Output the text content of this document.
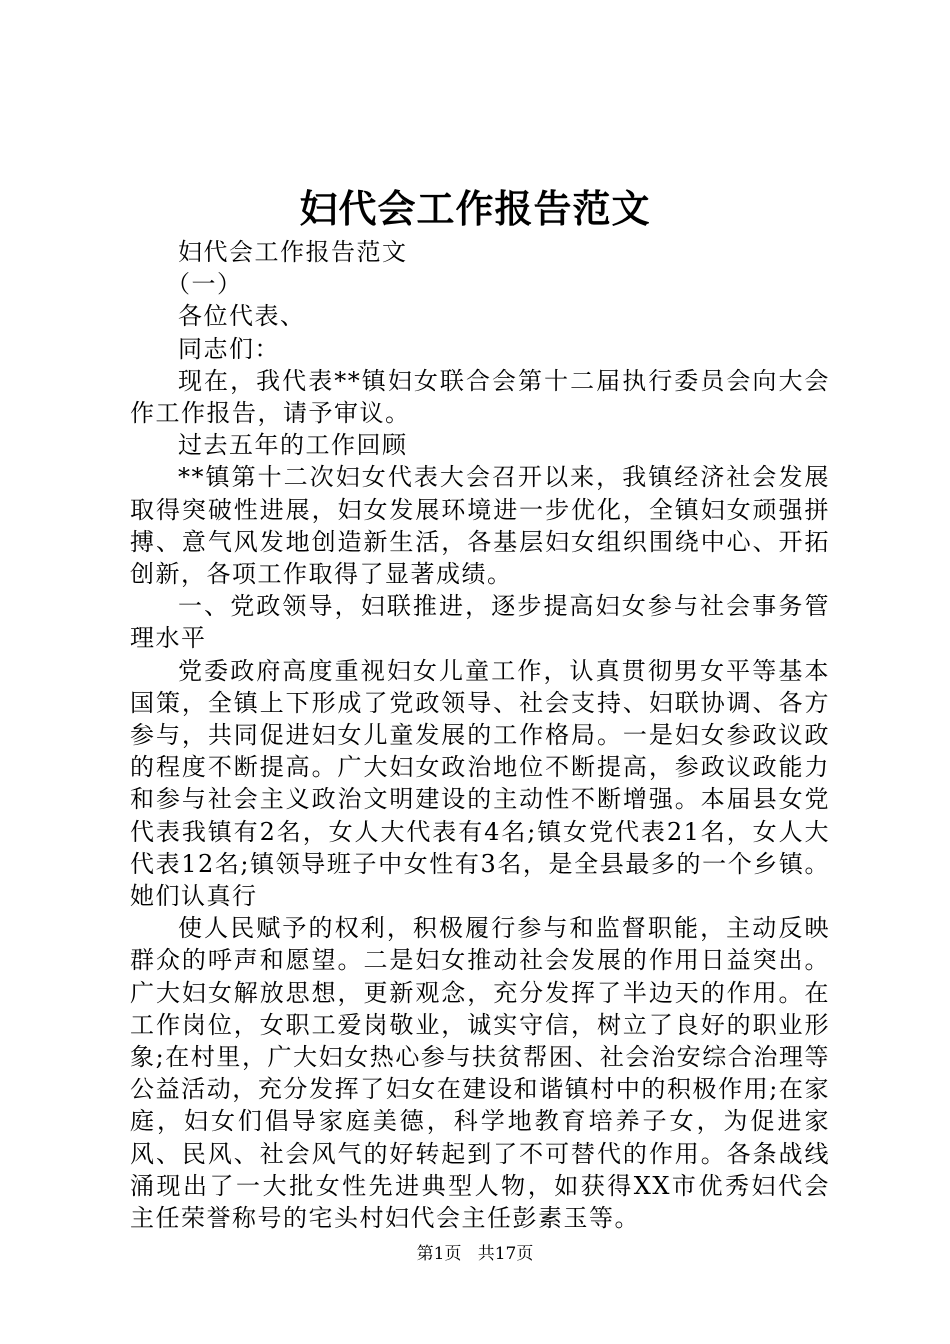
妇代会工作报告范文

妇代会工作报告范文

（一）

各位代表、

同志们：

现在，我代表**镇妇女联合会第十二届执行委员会向大会作工作报告，请予审议。

过去五年的工作回顾

**镇第十二次妇女代表大会召开以来，我镇经济社会发展取得突破性进展，妇女发展环境进一步优化，全镇妇女顽强拼搏、意气风发地创造新生活，各基层妇女组织围绕中心、开拓创新，各项工作取得了显著成绩。

一、党政领导，妇联推进，逐步提高妇女参与社会事务管理水平

党委政府高度重视妇女儿童工作，认真贯彻男女平等基本国策，全镇上下形成了党政领导、社会支持、妇联协调、各方参与，共同促进妇女儿童发展的工作格局。一是妇女参政议政的程度不断提高。广大妇女政治地位不断提高，参政议政能力和参与社会主义政治文明建设的主动性不断增强。本届县女党代表我镇有2名，女人大代表有4名;镇女党代表21名，女人大代表12名;镇领导班子中女性有3名，是全县最多的一个乡镇。她们认真行

使人民赋予的权利，积极履行参与和监督职能，主动反映群众的呼声和愿望。二是妇女推动社会发展的作用日益突出。广大妇女解放思想，更新观念，充分发挥了半边天的作用。在工作岗位，女职工爱岗敬业，诚实守信，树立了良好的职业形象;在村里，广大妇女热心参与扶贫帮困、社会治安综合治理等公益活动，充分发挥了妇女在建设和谐镇村中的积极作用;在家庭，妇女们倡导家庭美德，科学地教育培养子女，为促进家风、民风、社会风气的好转起到了不可替代的作用。各条战线涌现出了一大批女性先进典型人物，如获得XX市优秀妇代会主任荣誉称号的宅头村妇代会主任彭素玉等。

第1页 共17页
